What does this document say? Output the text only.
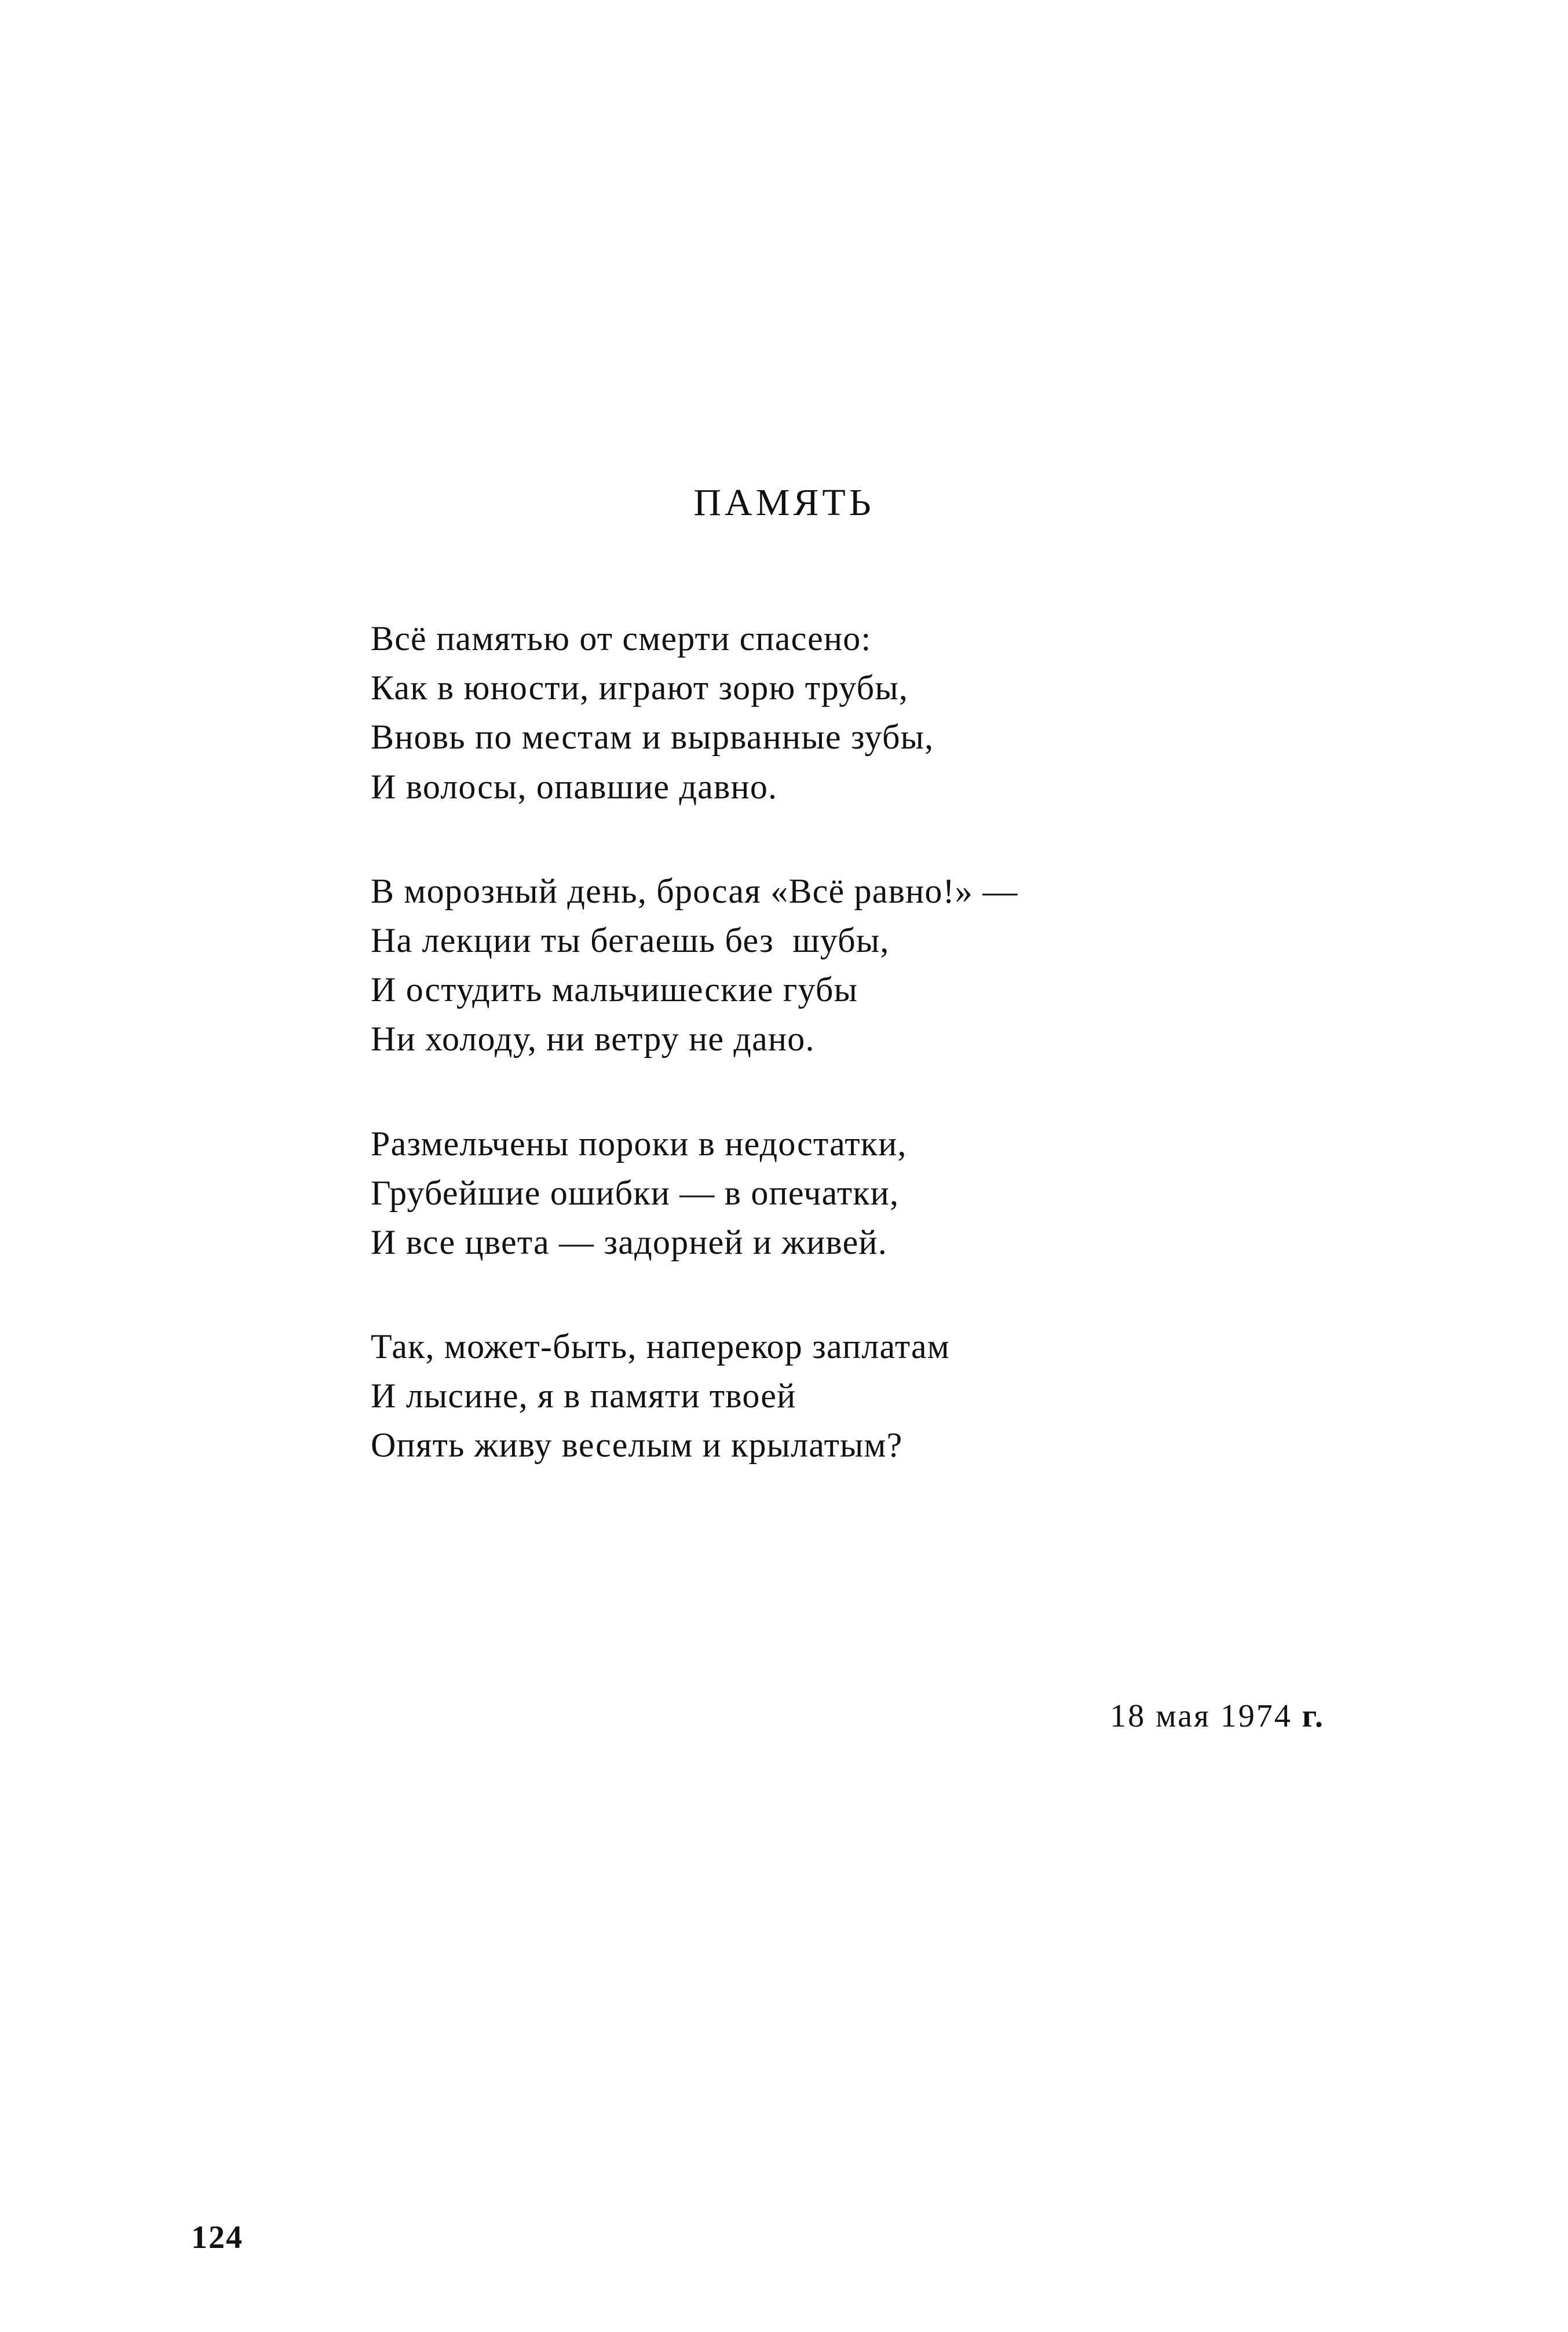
ПАМЯТЬ
Всё памятью от смерти спасено:
Как в юности, играют зорю трубы,
Вновь по местам и вырванные зубы,
И волосы, опавшие давно.
В морозный день, бросая «Всё равно!» —
На лекции ты бегаешь без  шубы,
И остудить мальчишеские губы
Ни холоду, ни ветру не дано.
Размельчены пороки в недостатки,
Грубейшие ошибки — в опечатки,
И все цвета — задорней и живей.
Так, может-быть, наперекор заплатам
И лысине, я в памяти твоей
Опять живу веселым и крылатым?
18 мая 1974 г.
124
